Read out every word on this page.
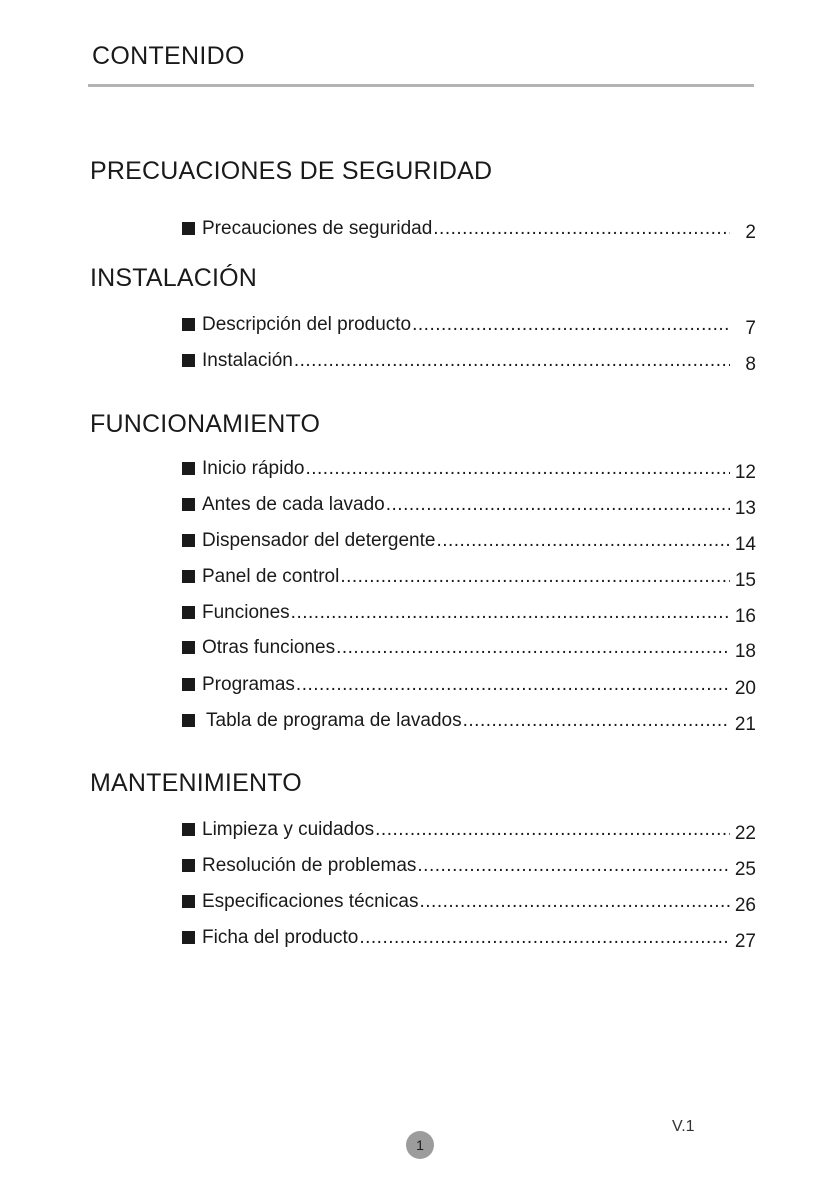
CONTENIDO
PRECUACIONES DE SEGURIDAD
Precauciones de seguridad .....	2
INSTALACIÓN
Descripción del producto .....	7
Instalación .....	8
FUNCIONAMIENTO
Inicio rápido .....	12
Antes de cada lavado .....	13
Dispensador del detergente .....	14
Panel de control .....	15
Funciones .....	16
Otras funciones .....	18
Programas .....	20
Tabla de programa de lavados .....	21
MANTENIMIENTO
Limpieza y cuidados .....	22
Resolución de problemas .....	25
Especificaciones técnicas .....	26
Ficha del producto .....	27
V.1
1
